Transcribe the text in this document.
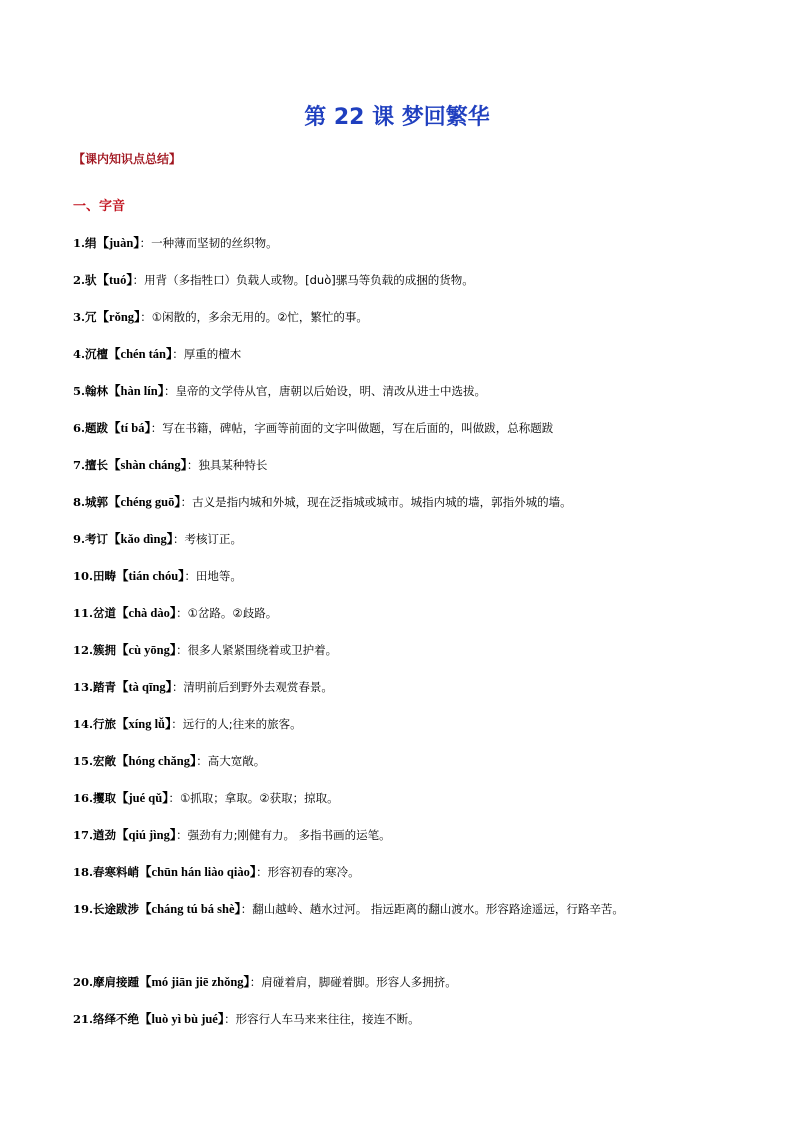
第 22 课 梦回繁华
【课内知识点总结】
一、字音
1.绢【juàn】：一种薄而坚韧的丝织物。
2.驮【tuó】：用背（多指牲口）负载人或物。[duò]骡马等负载的成捆的货物。
3.冗【rǒng】：①闲散的，多余无用的。②忙，繁忙的事。
4.沉檀【chén tán】：厚重的檀木
5.翰林【hàn lín】：皇帝的文学侍从官，唐朝以后始设，明、清改从进士中选拔。
6.题跋【tí bá】：写在书籍，碑帖，字画等前面的文字叫做题，写在后面的，叫做跋，总称题跋
7.擅长【shàn cháng】：独具某种特长
8.城郭【chéng guō】：古义是指内城和外城，现在泛指城或城市。城指内城的墙，郭指外城的墙。
9.考订【kǎo dìng】：考核订正。
10.田畴【tián chóu】：田地等。
11.岔道【chà dào】：①岔路。②歧路。
12.簇拥【cù yōng】：很多人紧紧围绕着或卫护着。
13.踏青【tà qīng】：清明前后到野外去观赏春景。
14.行旅【xíng lǚ】：远行的人;往来的旅客。
15.宏敞【hóng chǎng】：高大宽敞。
16.攫取【jué qǔ】：①抓取；拿取。②获取；掠取。
17.遒劲【qiú jìng】：强劲有力;刚健有力。 多指书画的运笔。
18.春寒料峭【chūn hán liào qiào】：形容初春的寒冷。
19.长途跋涉【cháng tú bá shè】：翻山越岭、趟水过河。 指远距离的翻山渡水。形容路途遥远，行路辛苦。
20.摩肩接踵【mó jiān jiē zhǒng】：肩碰着肩，脚碰着脚。形容人多拥挤。
21.络绎不绝【luò yì bù jué】：形容行人车马来来往往，接连不断。
